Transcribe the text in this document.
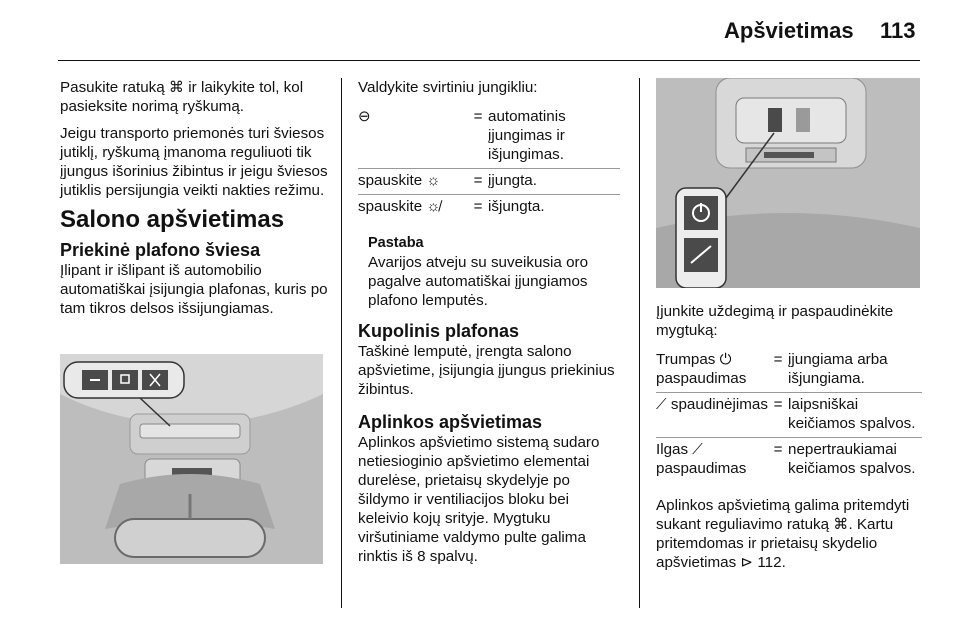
Apšvietimas 113

Pasukite ratuką ⌘ ir laikykite tol, kol pasieksite norimą ryškumą.

Jeigu transporto priemonės turi šviesos jutiklį, ryškumą įmanoma reguliuoti tik įjungus išorinius žibintus ir jeigu šviesos jutiklis persijungia veikti nakties režimu.

Salono apšvietimas
Priekinė plafono šviesa

Įlipant ir išlipant iš automobilio automatiškai įsijungia plafonas, kuris po tam tikros delsos išsijungiamas.

Valdykite svirtiniu jungikliu:

⊖	=	automatinis įjungimas ir išjungimas.
spauskite ☼	=	įjungta.
spauskite ☼̸	=	išjungta.
Pastaba

Avarijos atveju su suveikusia oro pagalve automatiškai įjungiamos plafono lemputės.

Kupolinis plafonas

Taškinė lemputė, įrengta salono apšvietime, įsijungia įjungus priekinius žibintus.

Aplinkos apšvietimas

Aplinkos apšvietimo sistemą sudaro netiesioginio apšvietimo elementai durelėse, prietaisų skydelyje po šildymo ir ventiliacijos bloku bei keleivio kojų srityje. Mygtuku viršutiniame valdymo pulte galima rinktis iš 8 spalvų.

Įjunkite uždegimą ir paspaudinėkite mygtuką:

Trumpas ⏻ paspaudimas	=	įjungiama arba išjungiama.
⟋ spaudinėjimas	=	laipsniškai keičiamos spalvos.
Ilgas ⟋ paspaudimas	=	nepertraukiamai keičiamos spalvos.

Aplinkos apšvietimą galima pritemdyti sukant reguliavimo ratuką ⌘. Kartu pritemdomas ir prietaisų skydelio apšvietimas ⊳ 112.
